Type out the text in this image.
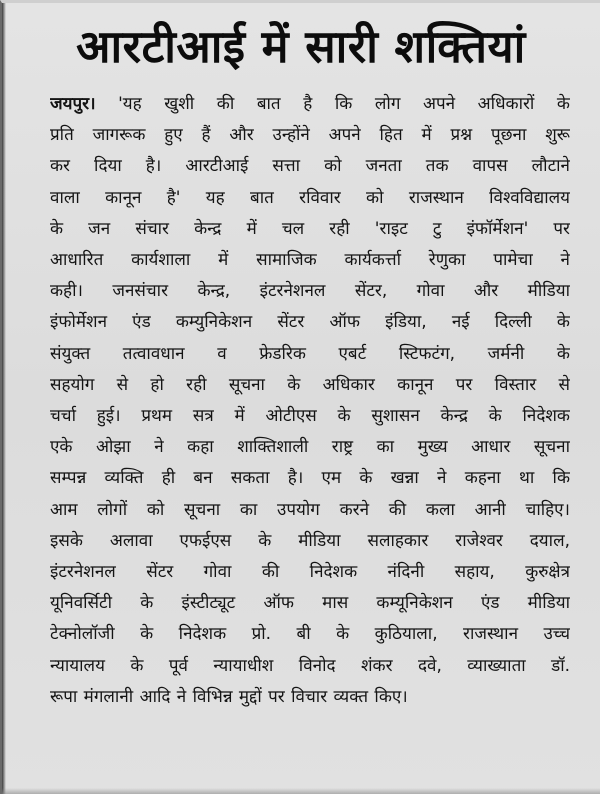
आरटीआई में सारी शक्तियां
जयपुर। 'यह खुशी की बात है कि लोग अपने अधिकारों के
प्रति जागरूक हुए हैं और उन्होंने अपने हित में प्रश्न पूछना शुरू
कर दिया है। आरटीआई सत्ता को जनता तक वापस लौटाने
वाला कानून है' यह बात रविवार को राजस्थान विश्वविद्यालय
के जन संचार केन्द्र में चल रही 'राइट टु इंफॉर्मेशन' पर
आधारित कार्यशाला में सामाजिक कार्यकर्त्ता रेणुका पामेचा ने
कही। जनसंचार केन्द्र, इंटरनेशनल सेंटर, गोवा और मीडिया
इंफोर्मेशन एंड कम्युनिकेशन सेंटर ऑफ इंडिया, नई दिल्ली के
संयुक्त तत्वावधान व फ्रेडरिक एबर्ट स्टिफटंग, जर्मनी के
सहयोग से हो रही सूचना के अधिकार कानून पर विस्तार से
चर्चा हुई। प्रथम सत्र में ओटीएस के सुशासन केन्द्र के निदेशक
एके ओझा ने कहा शाक्तिशाली राष्ट्र का मुख्य आधार सूचना
सम्पन्न व्यक्ति ही बन सकता है। एम के खन्ना ने कहना था कि
आम लोगों को सूचना का उपयोग करने की कला आनी चाहिए।
इसके अलावा एफईएस के मीडिया सलाहकार राजेश्वर दयाल,
इंटरनेशनल सेंटर गोवा की निदेशक नंदिनी सहाय, कुरुक्षेत्र
यूनिवर्सिटी के इंस्टीट्यूट ऑफ मास कम्यूनिकेशन एंड मीडिया
टेक्नोलॉजी के निदेशक प्रो. बी के कुठियाला, राजस्थान उच्च
न्यायालय के पूर्व न्यायाधीश विनोद शंकर दवे, व्याख्याता डॉ.
रूपा मंगलानी आदि ने विभिन्न मुद्दों पर विचार व्यक्त किए।
